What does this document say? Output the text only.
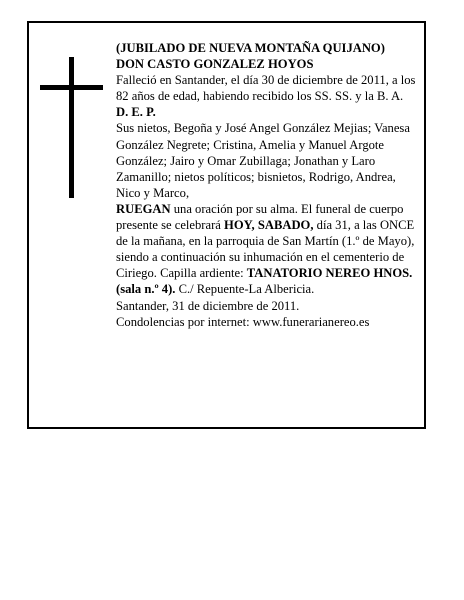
(JUBILADO DE NUEVA MONTAÑA QUIJANO)

DON CASTO GONZALEZ HOYOS

Falleció en Santander, el día 30 de diciembre de 2011, a los 82 años de edad, habiendo recibido los SS. SS. y la B. A.

D. E. P.

Sus nietos, Begoña y José Angel González Mejias; Vanesa González Negrete; Cristina, Amelia y Manuel Argote González; Jairo y Omar Zubillaga; Jonathan y Laro Zamanillo; nietos políticos; bisnietos, Rodrigo, Andrea, Nico y Marco,

RUEGAN una oración por su alma. El funeral de cuerpo presente se celebrará HOY, SABADO, día 31, a las ONCE de la mañana, en la parroquia de San Martín (1.º de Mayo), siendo a continuación su inhumación en el cementerio de Ciriego. Capilla ardiente: TANATORIO NEREO HNOS. (sala n.º 4). C./ Repuente-La Albericia.

Santander, 31 de diciembre de 2011.

Condolencias por internet: www.funerarianereo.es
